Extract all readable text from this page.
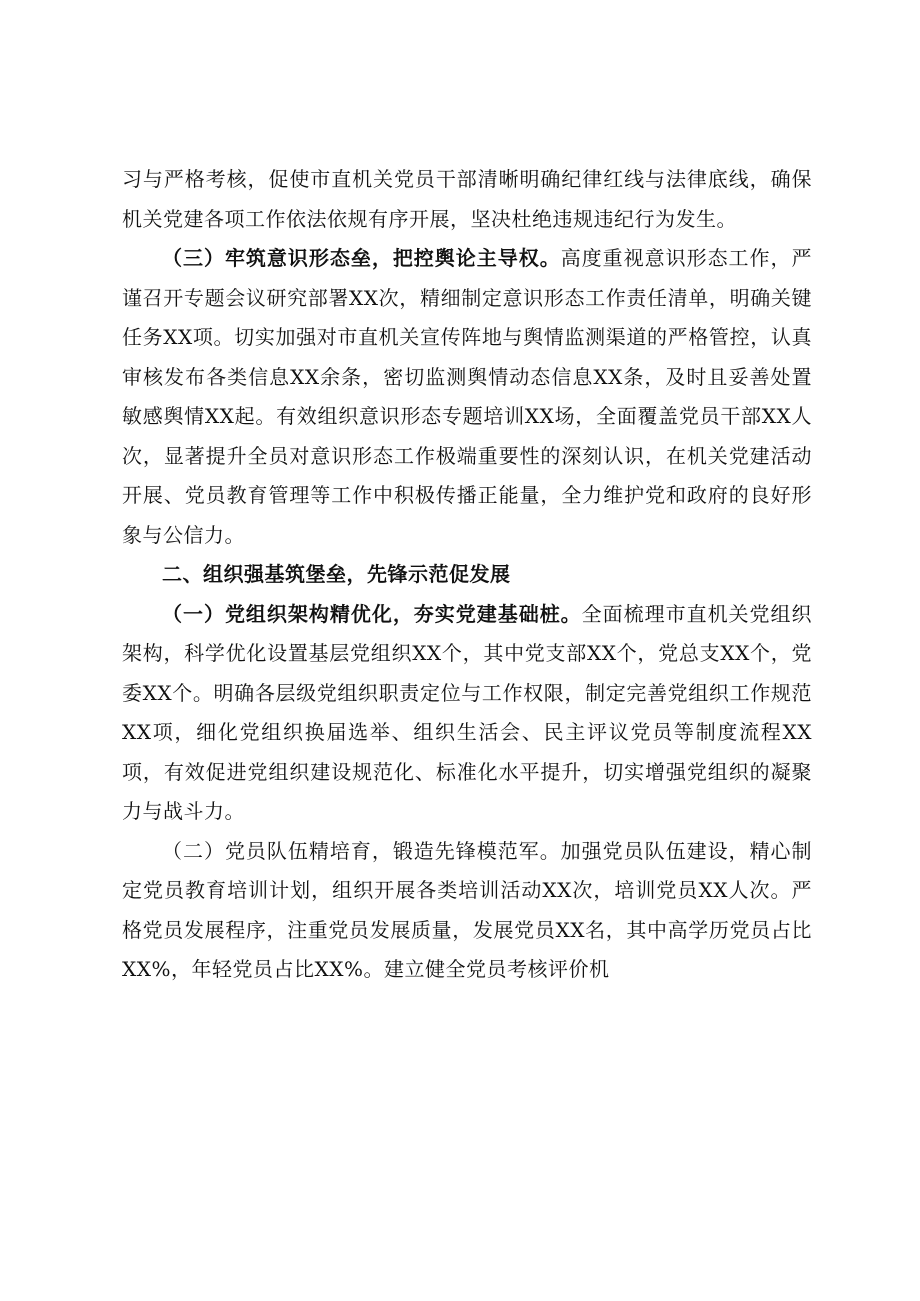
习与严格考核，促使市直机关党员干部清晰明确纪律红线与法律底线，确保机关党建各项工作依法依规有序开展，坚决杜绝违规违纪行为发生。

（三）牢筑意识形态垒，把控舆论主导权。高度重视意识形态工作，严谨召开专题会议研究部署XX次，精细制定意识形态工作责任清单，明确关键任务XX项。切实加强对市直机关宣传阵地与舆情监测渠道的严格管控，认真审核发布各类信息XX余条，密切监测舆情动态信息XX条，及时且妥善处置敏感舆情XX起。有效组织意识形态专题培训XX场，全面覆盖党员干部XX人次，显著提升全员对意识形态工作极端重要性的深刻认识，在机关党建活动开展、党员教育管理等工作中积极传播正能量，全力维护党和政府的良好形象与公信力。

二、组织强基筑堡垒，先锋示范促发展

（一）党组织架构精优化，夯实党建基础桩。全面梳理市直机关党组织架构，科学优化设置基层党组织XX个，其中党支部XX个，党总支XX个，党委XX个。明确各层级党组织职责定位与工作权限，制定完善党组织工作规范XX项，细化党组织换届选举、组织生活会、民主评议党员等制度流程XX项，有效促进党组织建设规范化、标准化水平提升，切实增强党组织的凝聚力与战斗力。

（二）党员队伍精培育，锻造先锋模范军。加强党员队伍建设，精心制定党员教育培训计划，组织开展各类培训活动XX次，培训党员XX人次。严格党员发展程序，注重党员发展质量，发展党员XX名，其中高学历党员占比XX%，年轻党员占比XX%。建立健全党员考核评价机
